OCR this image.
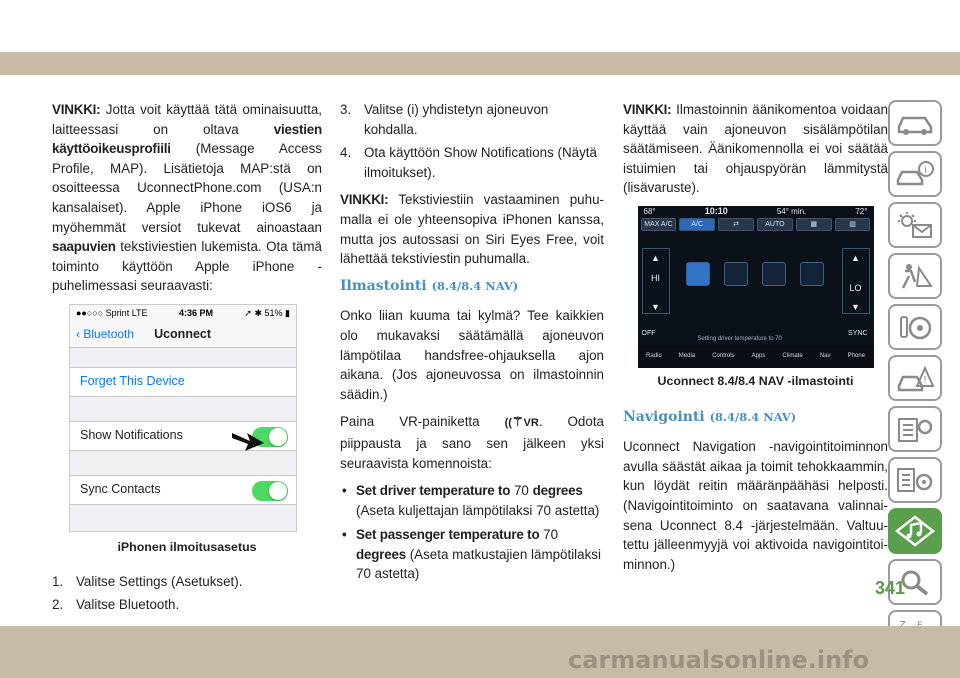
VINKKI: Jotta voit käyttää tätä ominaisuutta, laitteessasi on oltava	viestien käyttöoikeusprofiili (Message Access Profile, MAP). Lisätietoja MAP:stä on osoitteessa UconnectPhone.com (USA:n kansalaiset). Apple iPhone iOS6 ja myöhemmät versiot tukevat ainoastaan saapuvien tekstiviestien lukemista. Ota tämä toiminto käyttöön Apple iPhone -puhelimessasi seuraavasti:

●●○○○ Sprint LTE	4:36 PM	➚ ✱ 51% ▮
‹ Bluetooth Uconnect
Forget This Device
Show Notifications
Sync Contacts
iPhonen ilmoitusasetus
1. Valitse Settings (Asetukset).
2. Valitse Bluetooth.
3. Valitse (i) yhdistetyn ajoneuvon kohdalla.
4. Ota käyttöön Show Notifications (Näytä ilmoitukset).

VINKKI: Tekstiviestiin vastaaminen puhumalla ei ole yhteensopiva iPhonen kanssa, mutta jos autossasi on Siri Eyes Free, voit lähettää tekstiviestin puhumalla.

Ilmastointi (8.4/8.4 NAV)

Onko liian kuuma tai kylmä? Tee kaikkien olo mukavaksi säätämällä ajoneuvon lämpötilaa handsfree-ohjauksella ajon aikana. (Jos ajoneuvossa on ilmastoinnin säädin.)

Paina VR-painiketta ((⚚VR. Odota piippausta ja sano sen jälkeen yksi seuraavista komennoista:

• Set driver temperature to 70 degrees (Aseta kuljettajan lämpötilaksi 70 astetta)
• Set passenger temperature to 70 degrees (Aseta matkustajien lämpötilaksi 70 astetta)

VINKKI: Ilmastoinnin äänikomentoa voidaan käyttää vain ajoneuvon sisälämpötilan säätämiseen. Äänikomennolla ei voi säätää istuimien tai ohjauspyörän lämmitystä (lisävaruste).

68°	10:10	54° min.	72°
MAX A/C	A/C	⇄	AUTO	▦	▥
▲
HI
▼
▲
LO
▼
OFF
Setting driver temperature to 70
SYNC
Radio	Media	Controls	Apps	Climate	Nav	Phone
Uconnect 8.4/8.4 NAV -ilmastointi
Navigointi (8.4/8.4 NAV)

Uconnect Navigation -navigointitoiminnon avulla säästät aikaa ja toimit tehokkaammin, kun löydät reitin määränpäähäsi helposti. (Navigointitoiminto on saatavana valinnaisena Uconnect 8.4 -järjestelmään. Valtuutettu jälleenmyyjä voi aktivoida navigointitoiminnon.)

i
!
341
carmanualsonline.info
